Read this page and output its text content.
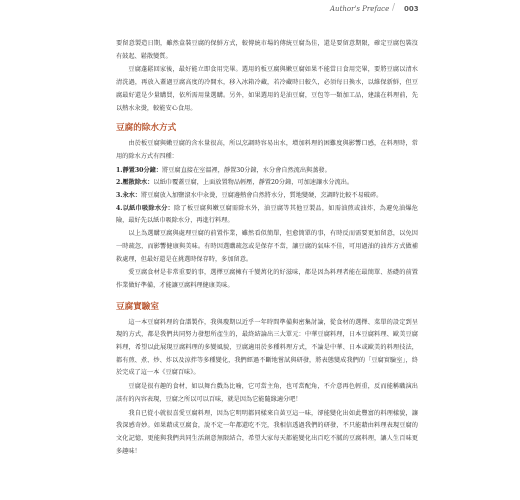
Author's Preface / 003

要留意製造日期，雖然盒裝豆腐的保鮮方式，較傳統市場的傳統豆腐為佳，還是要留意期限，確定豆腐包裝沒有鼓起、鬆散變質。

豆腐蓬鬆回家後，最好能立即食用完畢。選用的板豆腐與嫩豆腐如果不能當日食用完畢，要將豆腐以清水清洗過，再放入蓋過豆腐高度的冷開水，移入冰箱冷藏，若冷藏時日較久，必須每日換水，以維保新鮮，但豆腐最好還是少量購買，依所需用量選購。另外，如果選用的是油豆腐，豆包等一類加工品，建議在料理前，先以熱水汆燙，較能安心食用。

豆腐的除水方式

由於板豆腐與嫩豆腐的含水量很高，所以烹調時容易出水，增加料理的困難度與影響口感，在料理時，常用的除水方式有四種：

1.靜置30分鐘：將豆腐直接在室溫裡，靜置30分鐘，水分會自然流出與蒸發。
2.壓散除水：以紙巾覆蓋豆腐，上面放置物品輕壓，靜置20分鐘，可加速讓水分流出。
3.汆水：將豆腐放入加鹽滾水中汆燙，豆腐邊熱會自然將水分，質地變硬，烹調時比較不易破碎。
4.以紙巾吸除水分：除了板豆腐與嫩豆腐需除水外，油豆腐等其他豆製品，如需油煎或油炸，為避免油爆危險，最好先以紙巾吸除水分，再進行料理。

以上為選購豆腐與處理豆腐的前置作業，雖然看似簡單，但愈簡單的事，有時反而需要更加留意，以免因一時疏忽，而影響健康與美味。有時因選購疏忽或是保存不當，讓豆腐的氣味不佳，可用過油的油炸方式做補救處理，但最好還是在挑選時保存時，多加留意。

愛豆腐食材是非常重要的事，選擇豆腐擁有千變萬化的好滋味，都是因為料理者能在最簡單、基礎的前置作業做好準備，才能讓豆腐料理健康美味。

豆腐實驗室

這一本豆腐料理的食譜製作，我與瓊期以近乎一年時間準備與密集討論，從食材的選擇、菜單的設定到呈現的方式，都是我們共同努力發想所產生的，最終結論出三大單元：中華豆腐料理，日本豆腐料理、歐美豆腐料理，希望以此展現豆腐料理的多變風貌，豆腐適用於多種料理方式，不論是中華、日本或歐美的料理技法，都有煎、煮、炒、炸以及涼拌等多種變化，我們經過不斷地嘗試與研發，將表態變成我們的「豆腐實驗室」，終於完成了這一本《豆腐百味》。

豆腐是很有趣的食材，如以舞台戲為比喻，它可當主角，也可當配角，不介意再色輕重，反而能稱職演出該有的內容表現，豆腐之所以可以百味，就是因為它能隨緣適分吧！

我自已從小就很喜愛豆腐料理，因為它明明都同樣來自黃豆這一味，卻能變化出如此豐富的料理樣貌，讓我深感奇妙。如果藉成豆腐食，說不定一年都還吃不完，我相信透過我們的研發，不只能藉由料理表現豆腐的文化記憶，更能與我們共同生活創意無限結合，希望大家每天都能變化出百吃不膩的豆腐料理，讓人生百味更多趣味！
